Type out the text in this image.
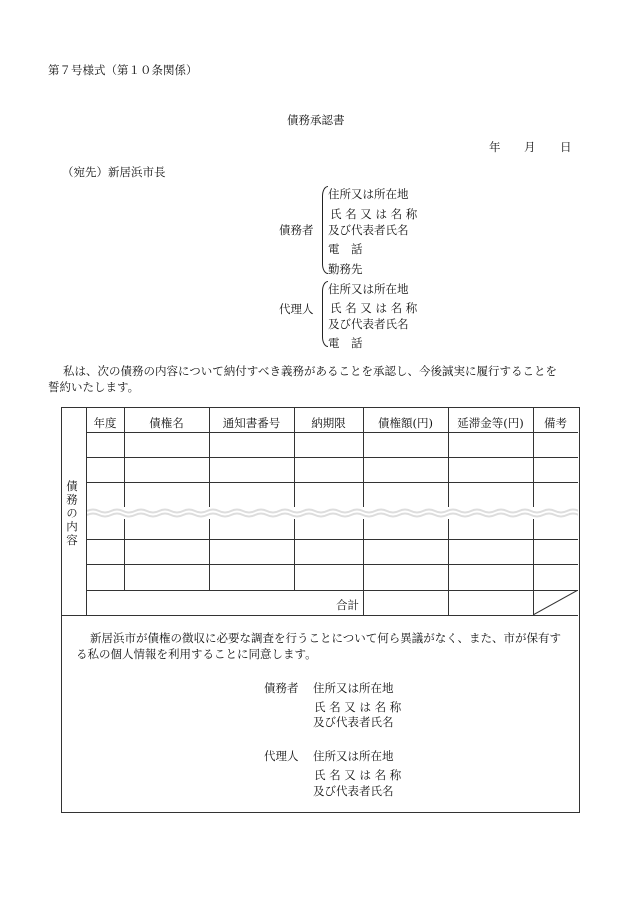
第７号様式（第１０条関係）
債務承認書
年 月 日
（宛先）新居浜市長
債務者
住所又は所在地
氏 名 又 は 名 称
及び代表者氏名
電　話
勤務先
代理人
住所又は所在地
氏 名 又 は 名 称
及び代表者氏名
電　話
私は、次の債務の内容について納付すべき義務があることを承認し、今後誠実に履行することを
誓約いたします。
債務の内容
年度	債権名	通知書番号	納期限	債権額(円)	延滞金等(円)	備考
合計
新居浜市が債権の徴収に必要な調査を行うことについて何ら異議がなく、また、市が保有す
る私の個人情報を利用することに同意します。
債務者 住所又は所在地
氏 名 又 は 名 称
及び代表者氏名
代理人 住所又は所在地
氏 名 又 は 名 称
及び代表者氏名
